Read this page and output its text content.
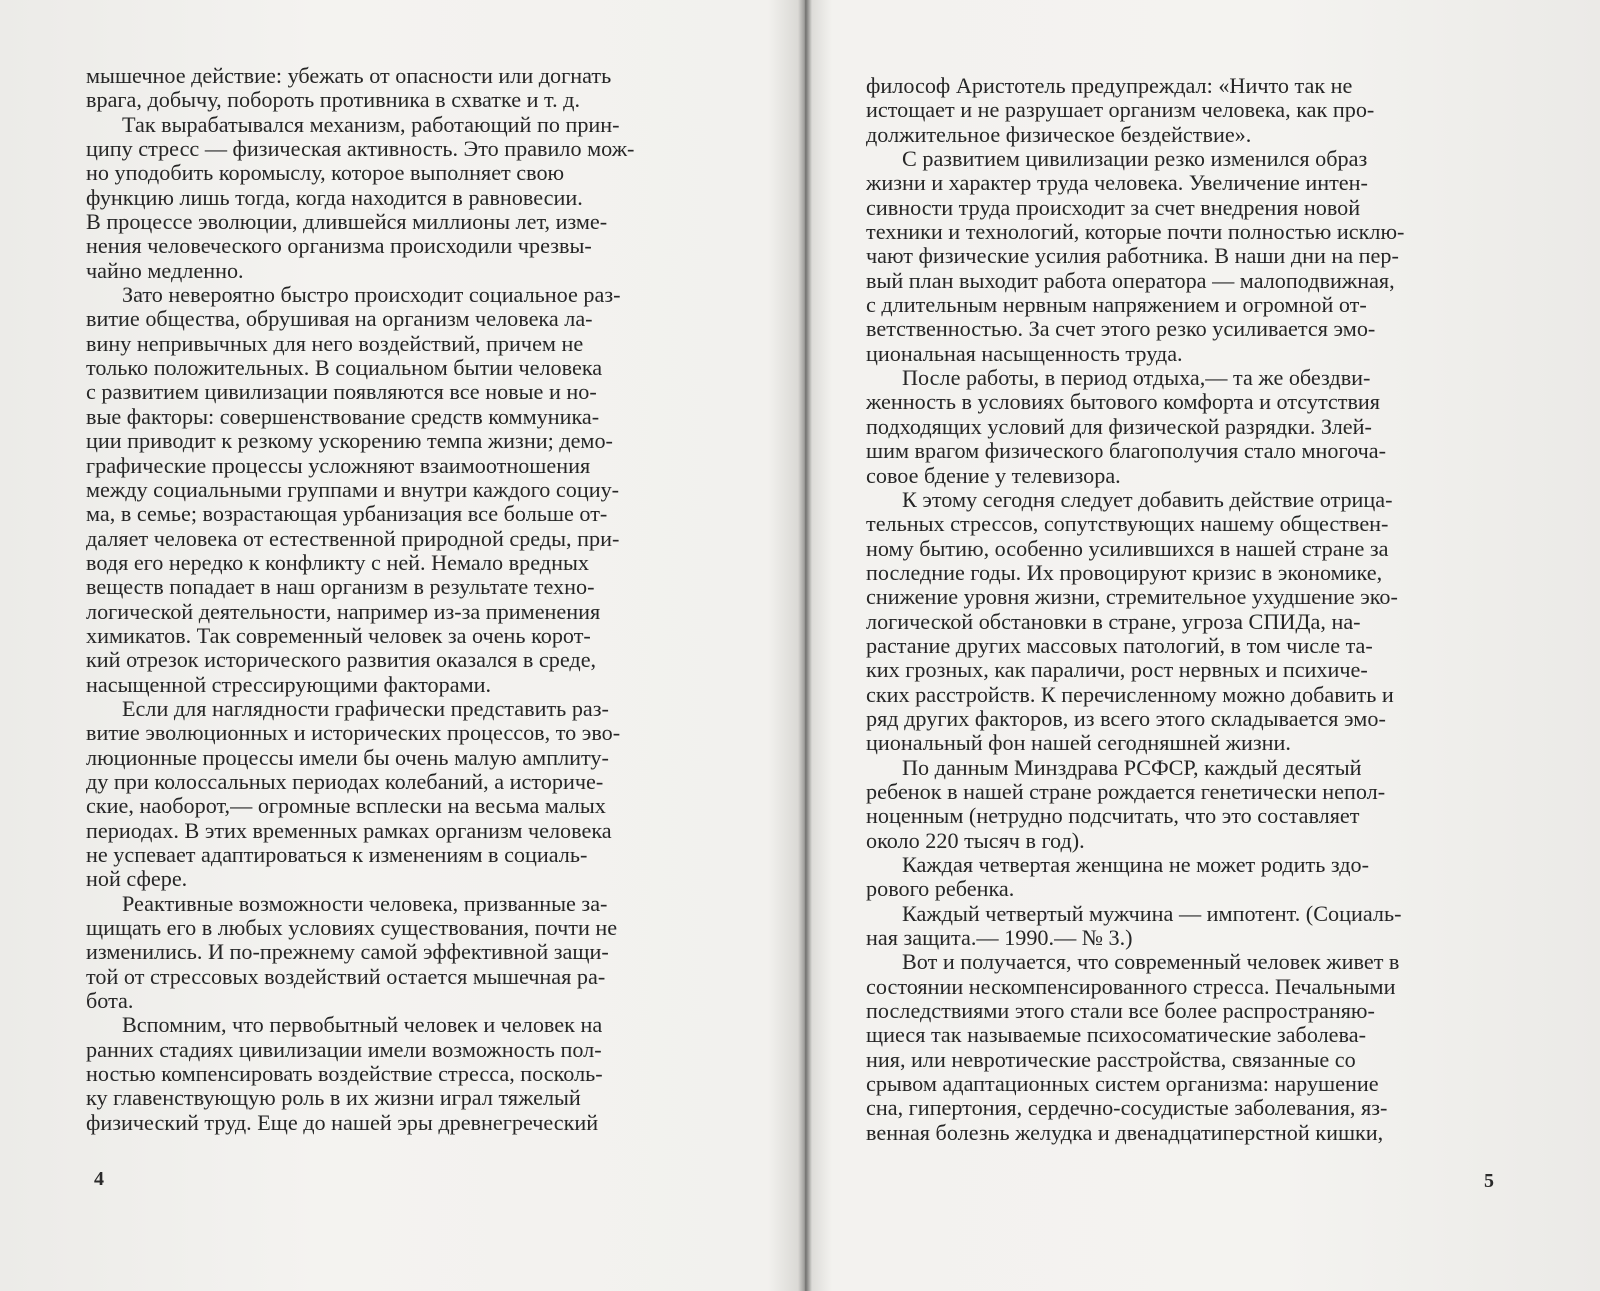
мышечное действие: убежать от опасности или догнать
врага, добычу, побороть противника в схватке и т. д.

Так вырабатывался механизм, работающий по прин-
ципу стресс — физическая активность. Это правило мож-
но уподобить коромыслу, которое выполняет свою
функцию лишь тогда, когда находится в равновесии.
В процессе эволюции, длившейся миллионы лет, изме-
нения человеческого организма происходили чрезвы-
чайно медленно.

Зато невероятно быстро происходит социальное раз-
витие общества, обрушивая на организм человека ла-
вину непривычных для него воздействий, причем не
только положительных. В социальном бытии человека
с развитием цивилизации появляются все новые и но-
вые факторы: совершенствование средств коммуника-
ции приводит к резкому ускорению темпа жизни; демо-
графические процессы усложняют взаимоотношения
между социальными группами и внутри каждого социу-
ма, в семье; возрастающая урбанизация все больше от-
даляет человека от естественной природной среды, при-
водя его нередко к конфликту с ней. Немало вредных
веществ попадает в наш организм в результате техно-
логической деятельности, например из-за применения
химикатов. Так современный человек за очень корот-
кий отрезок исторического развития оказался в среде,
насыщенной стрессирующими факторами.

Если для наглядности графически представить раз-
витие эволюционных и исторических процессов, то эво-
люционные процессы имели бы очень малую амплиту-
ду при колоссальных периодах колебаний, а историче-
ские, наоборот,— огромные всплески на весьма малых
периодах. В этих временных рамках организм человека
не успевает адаптироваться к изменениям в социаль-
ной сфере.

Реактивные возможности человека, призванные за-
щищать его в любых условиях существования, почти не
изменились. И по-прежнему самой эффективной защи-
той от стрессовых воздействий остается мышечная ра-
бота.

Вспомним, что первобытный человек и человек на
ранних стадиях цивилизации имели возможность пол-
ностью компенсировать воздействие стресса, посколь-
ку главенствующую роль в их жизни играл тяжелый
физический труд. Еще до нашей эры древнегреческий

4

философ Аристотель предупреждал: «Ничто так не
истощает и не разрушает организм человека, как про-
должительное физическое бездействие».

С развитием цивилизации резко изменился образ
жизни и характер труда человека. Увеличение интен-
сивности труда происходит за счет внедрения новой
техники и технологий, которые почти полностью исклю-
чают физические усилия работника. В наши дни на пер-
вый план выходит работа оператора — малоподвижная,
с длительным нервным напряжением и огромной от-
ветственностью. За счет этого резко усиливается эмо-
циональная насыщенность труда.

После работы, в период отдыха,— та же обездви-
женность в условиях бытового комфорта и отсутствия
подходящих условий для физической разрядки. Злей-
шим врагом физического благополучия стало многоча-
совое бдение у телевизора.

К этому сегодня следует добавить действие отрица-
тельных стрессов, сопутствующих нашему обществен-
ному бытию, особенно усилившихся в нашей стране за
последние годы. Их провоцируют кризис в экономике,
снижение уровня жизни, стремительное ухудшение эко-
логической обстановки в стране, угроза СПИДа, на-
растание других массовых патологий, в том числе та-
ких грозных, как параличи, рост нервных и психиче-
ских расстройств. К перечисленному можно добавить и
ряд других факторов, из всего этого складывается эмо-
циональный фон нашей сегодняшней жизни.

По данным Минздрава РСФСР, каждый десятый
ребенок в нашей стране рождается генетически непол-
ноценным (нетрудно подсчитать, что это составляет
около 220 тысяч в год).

Каждая четвертая женщина не может родить здо-
рового ребенка.

Каждый четвертый мужчина — импотент. (Социаль-
ная защита.— 1990.— № 3.)

Вот и получается, что современный человек живет в
состоянии нескомпенсированного стресса. Печальными
последствиями этого стали все более распространяю-
щиеся так называемые психосоматические заболева-
ния, или невротические расстройства, связанные со
срывом адаптационных систем организма: нарушение
сна, гипертония, сердечно-сосудистые заболевания, яз-
венная болезнь желудка и двенадцатиперстной кишки,

5
